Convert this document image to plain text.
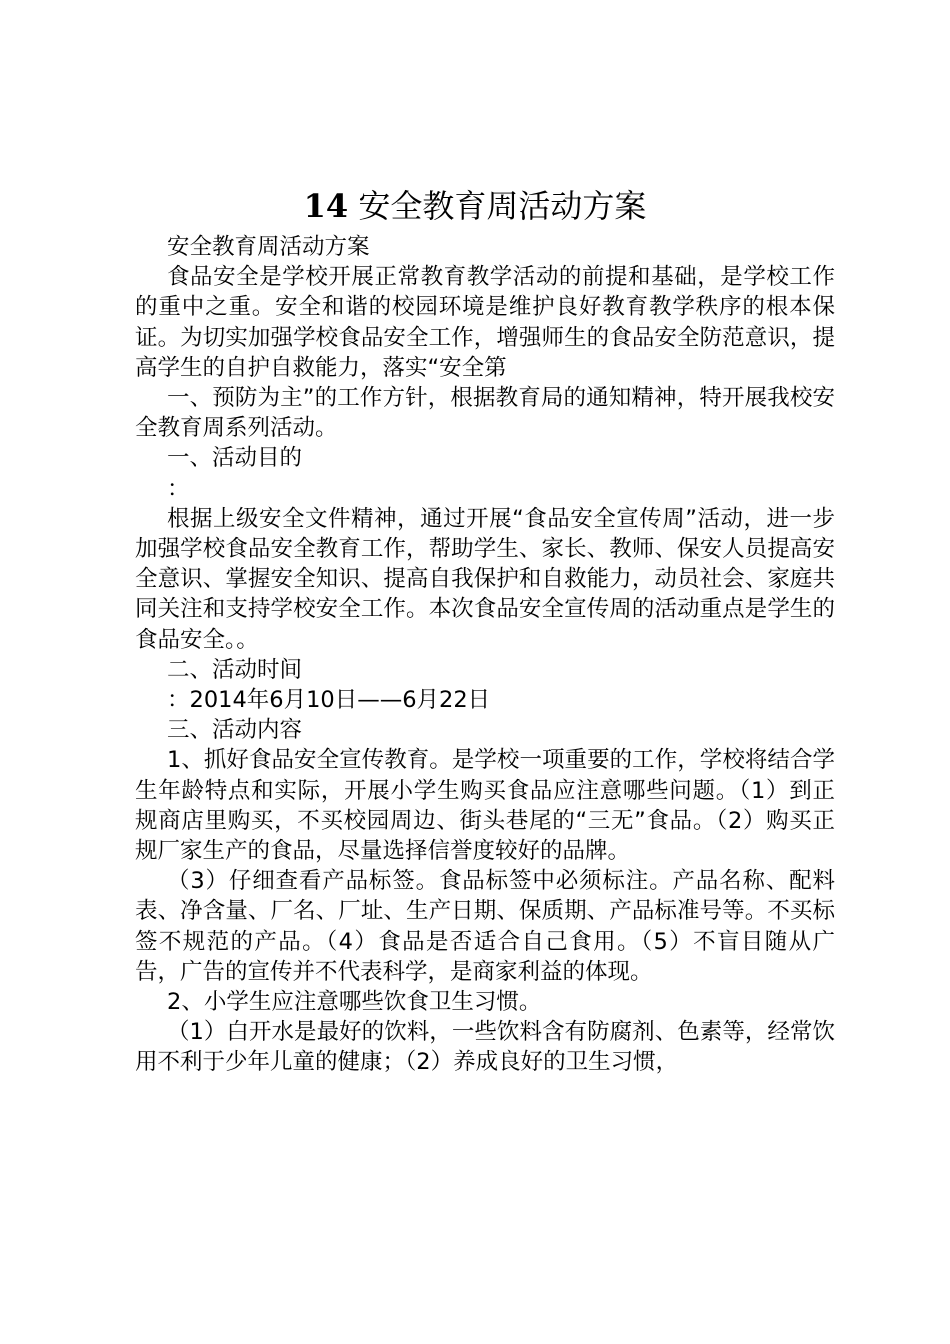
14 安全教育周活动方案

安全教育周活动方案

食品安全是学校开展正常教育教学活动的前提和基础，是学校工作的重中之重。安全和谐的校园环境是维护良好教育教学秩序的根本保证。为切实加强学校食品安全工作，增强师生的食品安全防范意识，提高学生的自护自救能力，落实“安全第

一、预防为主”的工作方针，根据教育局的通知精神，特开展我校安全教育周系列活动。

一、活动目的

：

根据上级安全文件精神，通过开展“食品安全宣传周”活动，进一步加强学校食品安全教育工作，帮助学生、家长、教师、保安人员提高安全意识、掌握安全知识、提高自我保护和自救能力，动员社会、家庭共同关注和支持学校安全工作。本次食品安全宣传周的活动重点是学生的食品安全。。

二、活动时间

：2014年6月10日——6月22日

三、活动内容

1、抓好食品安全宣传教育。是学校一项重要的工作，学校将结合学生年龄特点和实际，开展小学生购买食品应注意哪些问题。（1）到正规商店里购买，不买校园周边、街头巷尾的“三无”食品。（2）购买正规厂家生产的食品，尽量选择信誉度较好的品牌。

（3）仔细查看产品标签。食品标签中必须标注。产品名称、配料表、净含量、厂名、厂址、生产日期、保质期、产品标准号等。不买标签不规范的产品。（4）食品是否适合自己食用。（5）不盲目随从广告，广告的宣传并不代表科学，是商家利益的体现。

2、小学生应注意哪些饮食卫生习惯。

（1）白开水是最好的饮料，一些饮料含有防腐剂、色素等，经常饮用不利于少年儿童的健康；（2）养成良好的卫生习惯，
